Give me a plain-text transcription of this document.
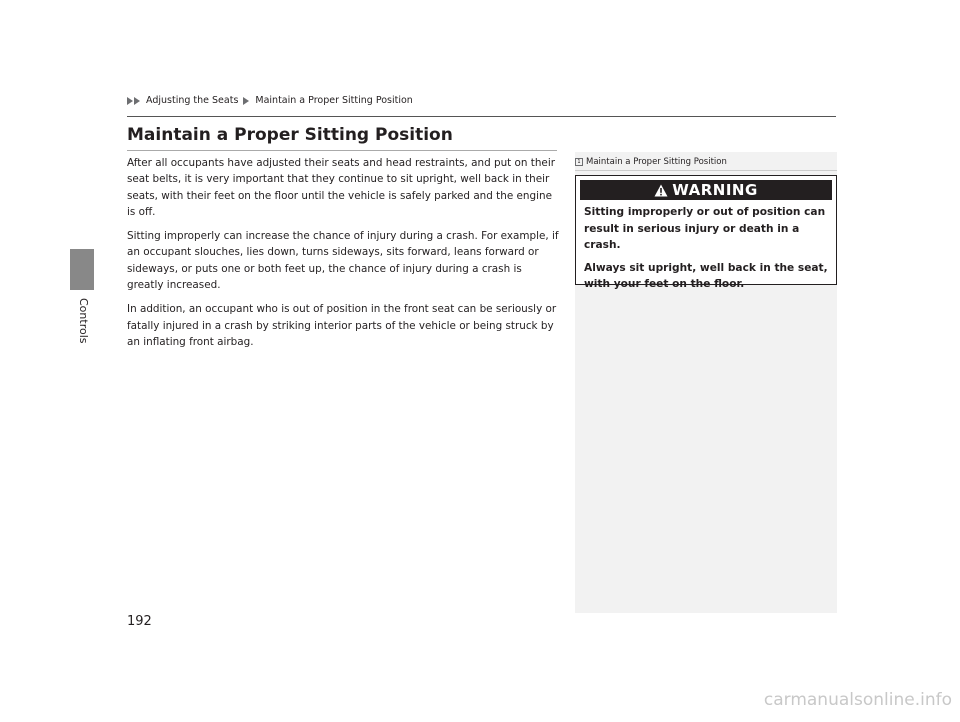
Controls
Adjusting the Seats Maintain a Proper Sitting Position
Maintain a Proper Sitting Position

After all occupants have adjusted their seats and head restraints, and put on their seat belts, it is very important that they continue to sit upright, well back in their seats, with their feet on the floor until the vehicle is safely parked and the engine is off.

Sitting improperly can increase the chance of injury during a crash. For example, if an occupant slouches, lies down, turns sideways, sits forward, leans forward or sideways, or puts one or both feet up, the chance of injury during a crash is greatly increased.

In addition, an occupant who is out of position in the front seat can be seriously or fatally injured in a crash by striking interior parts of the vehicle or being struck by an inflating front airbag.

1 Maintain a Proper Sitting Position
WARNING

Sitting improperly or out of position can result in serious injury or death in a crash.

Always sit upright, well back in the seat, with your feet on the floor.

192
carmanualsonline.info
